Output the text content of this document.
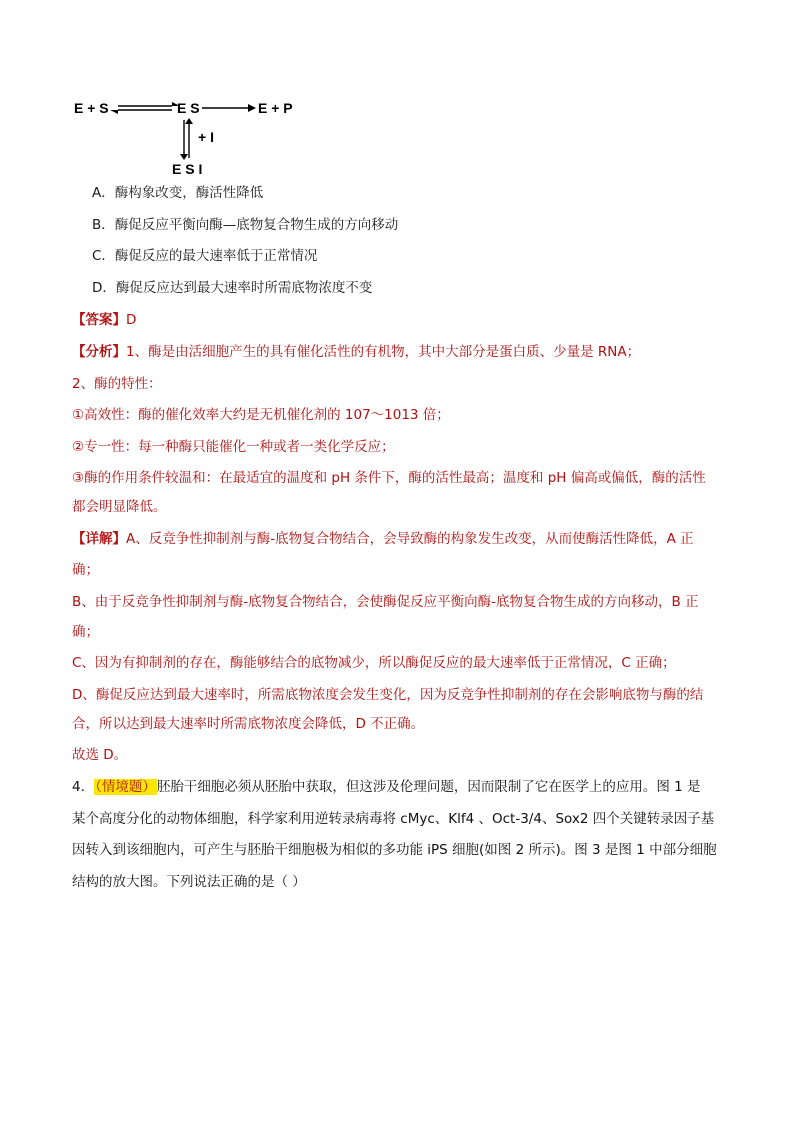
E + S	E S	E + P
+ I
E S I
A．酶构象改变，酶活性降低
B．酶促反应平衡向酶—底物复合物生成的方向移动
C．酶促反应的最大速率低于正常情况
D．酶促反应达到最大速率时所需底物浓度不变
【答案】D
【分析】1、酶是由活细胞产生的具有催化活性的有机物，其中大部分是蛋白质、少量是 RNA；
2、酶的特性：
①高效性：酶的催化效率大约是无机催化剂的 107～1013 倍；
②专一性：每一种酶只能催化一种或者一类化学反应；
③酶的作用条件较温和：在最适宜的温度和 pH 条件下，酶的活性最高；温度和 pH 偏高或偏低，酶的活性
都会明显降低。
【详解】A、反竞争性抑制剂与酶-底物复合物结合，会导致酶的构象发生改变，从而使酶活性降低，A 正
确；
B、由于反竞争性抑制剂与酶-底物复合物结合，会使酶促反应平衡向酶-底物复合物生成的方向移动，B 正
确；
C、因为有抑制剂的存在，酶能够结合的底物减少，所以酶促反应的最大速率低于正常情况，C 正确；
D、酶促反应达到最大速率时，所需底物浓度会发生变化，因为反竞争性抑制剂的存在会影响底物与酶的结
合，所以达到最大速率时所需底物浓度会降低，D 不正确。
故选 D。
4．（情境题）胚胎干细胞必须从胚胎中获取，但这涉及伦理问题，因而限制了它在医学上的应用。图 1 是
某个高度分化的动物体细胞，科学家利用逆转录病毒将 cMyc、Klf4 、Oct-3/4、Sox2 四个关键转录因子基
因转入到该细胞内，可产生与胚胎干细胞极为相似的多功能 iPS 细胞(如图 2 所示)。图 3 是图 1 中部分细胞
结构的放大图。下列说法正确的是（ ）
